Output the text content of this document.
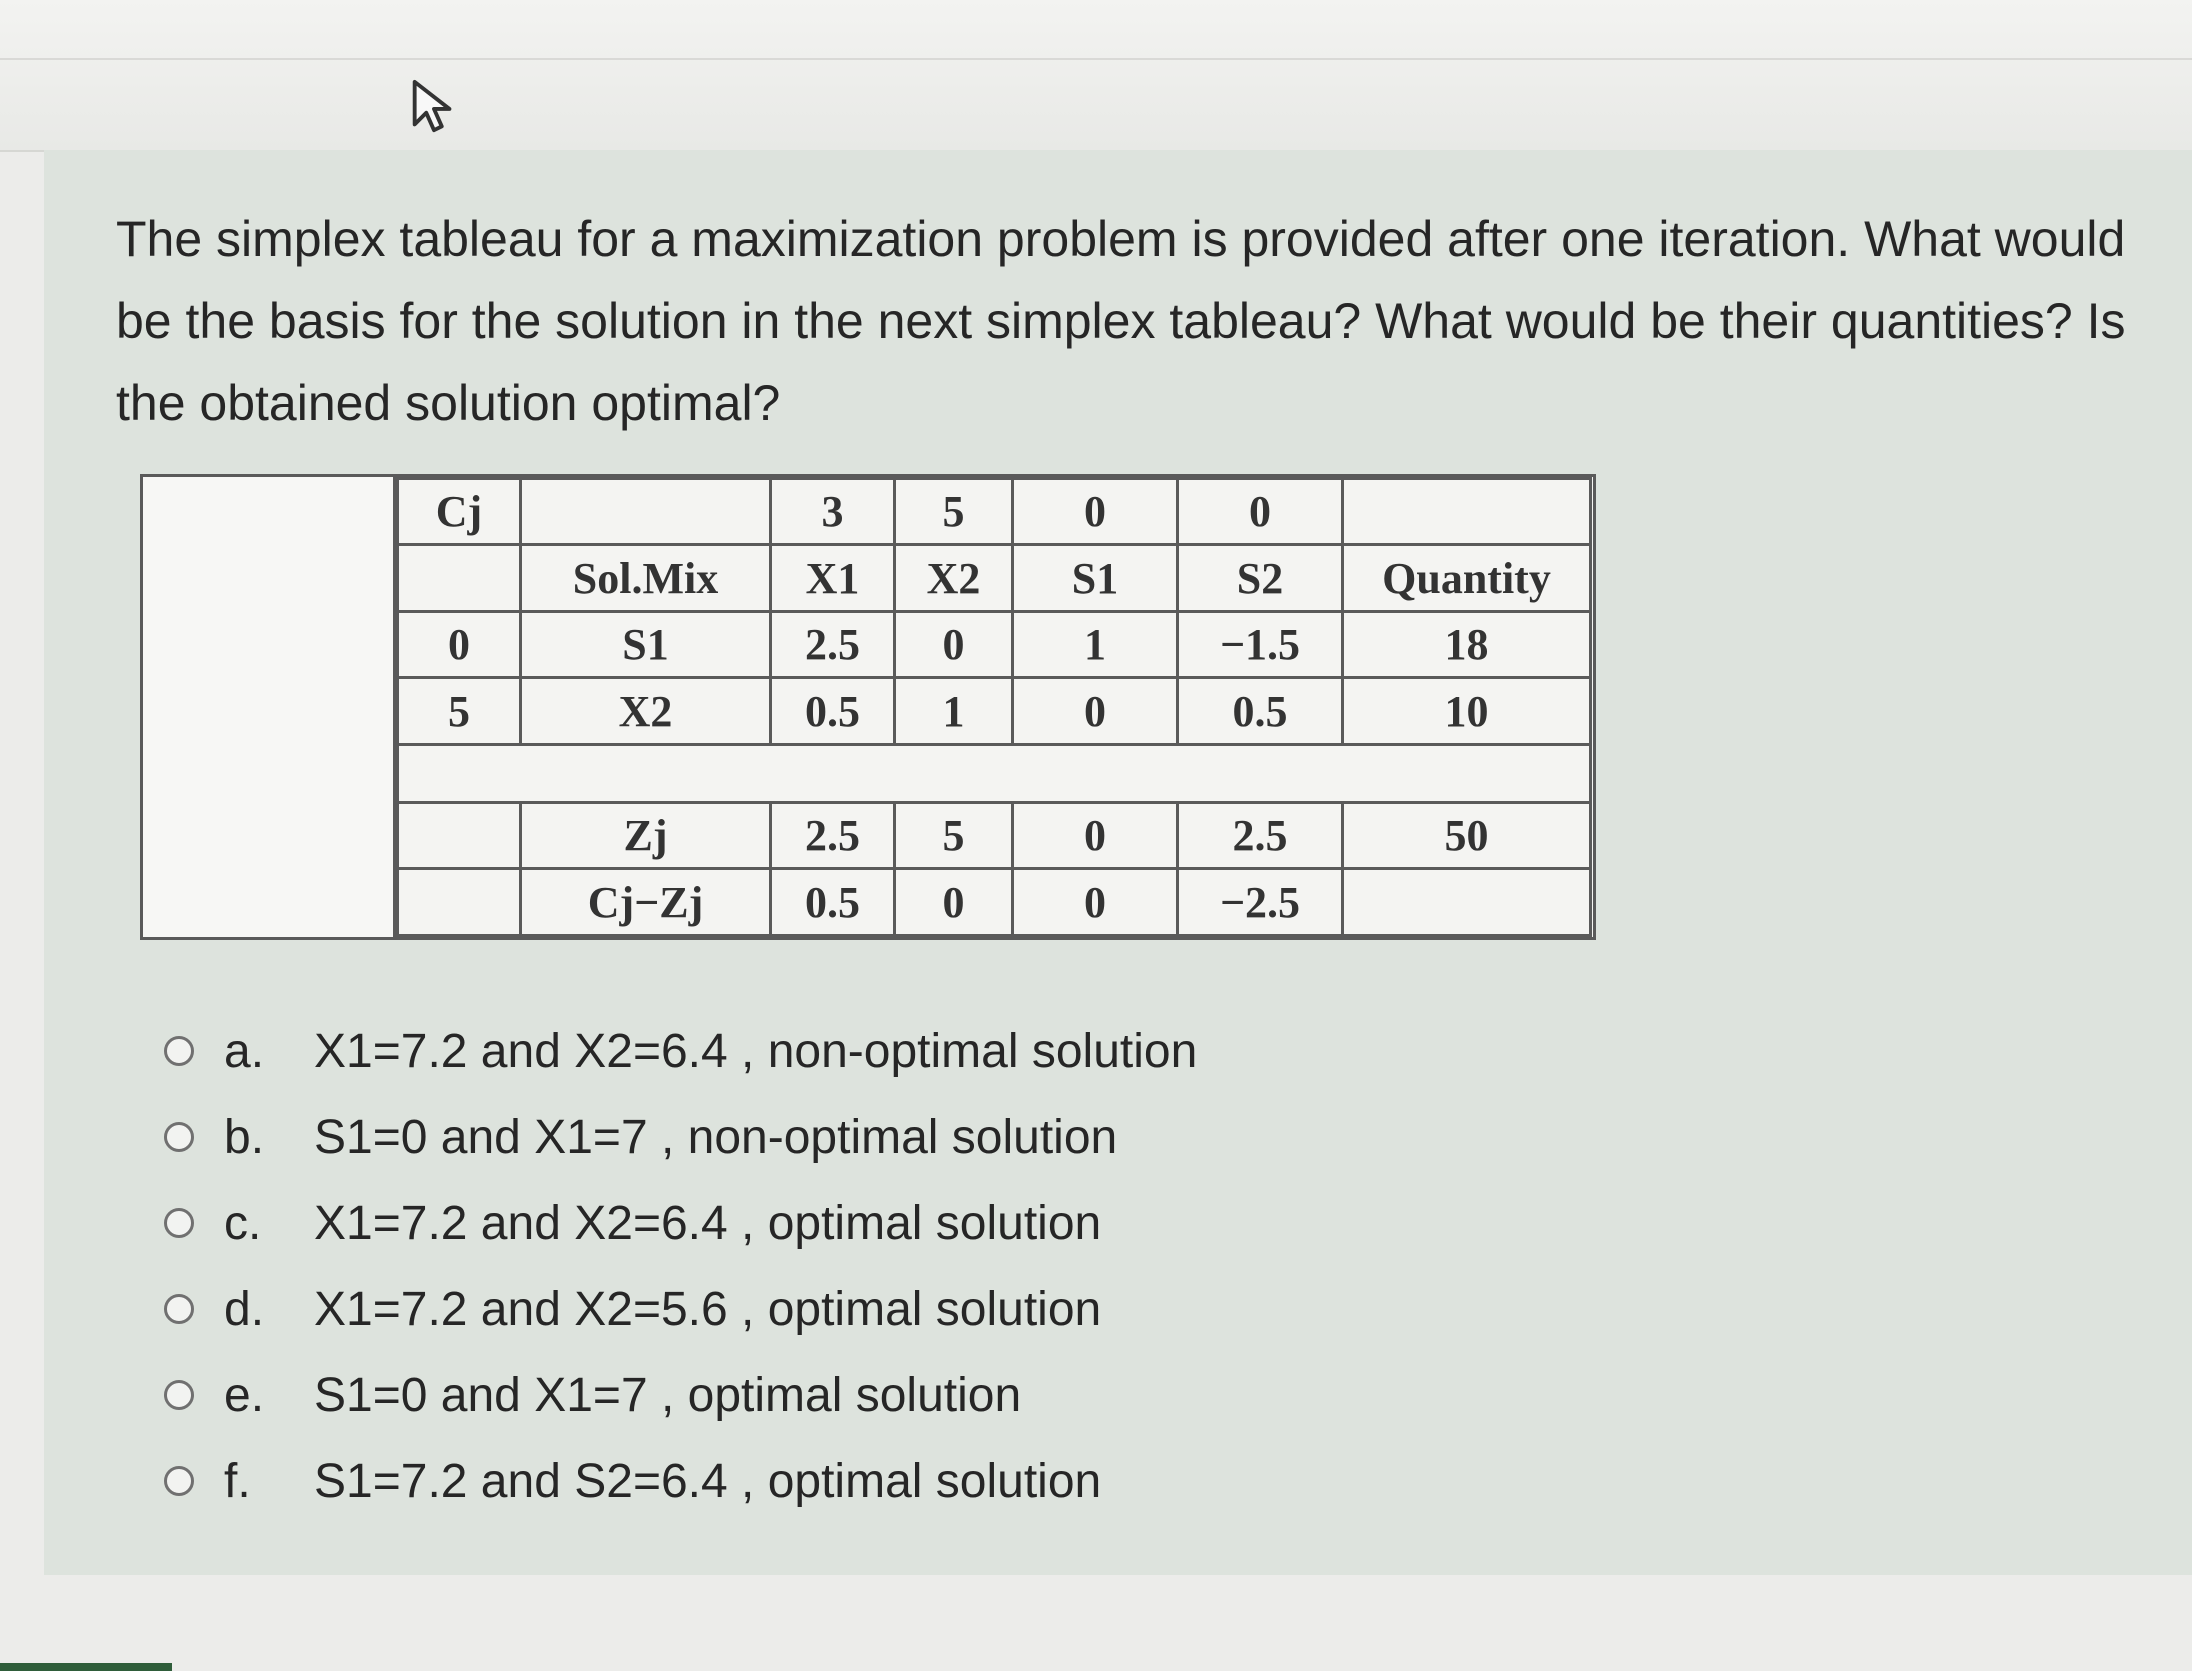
The simplex tableau for a maximization problem is provided after one iteration. What would be the basis for the solution in the next simplex tableau? What would be their quantities? Is the obtained solution optimal?
Cj		3	5	0	0	
	Sol.Mix	X1	X2	S1	S2	Quantity
0	S1	2.5	0	1	−1.5	18
5	X2	0.5	1	0	0.5	10

	Zj	2.5	5	0	2.5	50
	Cj−Zj	0.5	0	0	−2.5	
a.	X1=7.2 and X2=6.4 , non-optimal solution
b.	S1=0 and X1=7 , non-optimal solution
c.	X1=7.2 and X2=6.4 , optimal solution
d.	X1=7.2 and X2=5.6 , optimal solution
e.	S1=0 and X1=7 , optimal solution
f.	S1=7.2 and S2=6.4 , optimal solution
